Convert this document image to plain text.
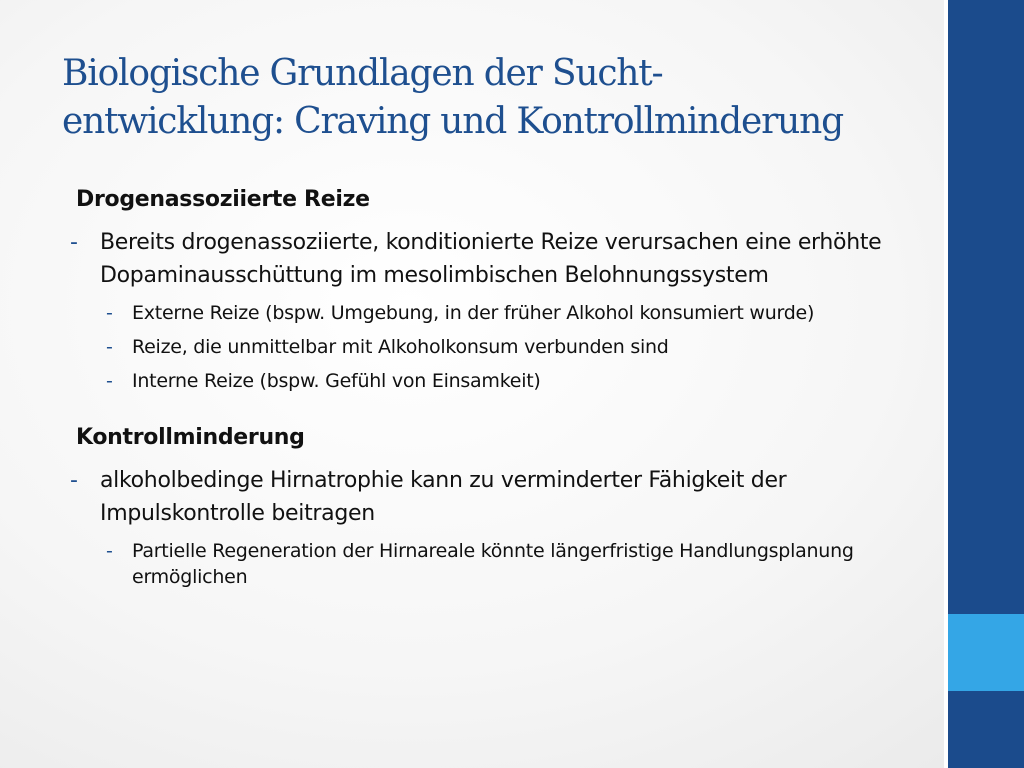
Biologische Grundlagen der Sucht-
entwicklung: Craving und Kontrollminderung
Drogenassoziierte Reize
- Bereits drogenassoziierte, konditionierte Reize verursachen eine erhöhte Dopaminausschüttung im mesolimbischen Belohnungssystem
- Externe Reize (bspw. Umgebung, in der früher Alkohol konsumiert wurde)
- Reize, die unmittelbar mit Alkoholkonsum verbunden sind
- Interne Reize (bspw. Gefühl von Einsamkeit)
Kontrollminderung
- alkoholbedinge Hirnatrophie kann zu verminderter Fähigkeit der Impulskontrolle beitragen
- Partielle Regeneration der Hirnareale könnte längerfristige Handlungsplanung ermöglichen
